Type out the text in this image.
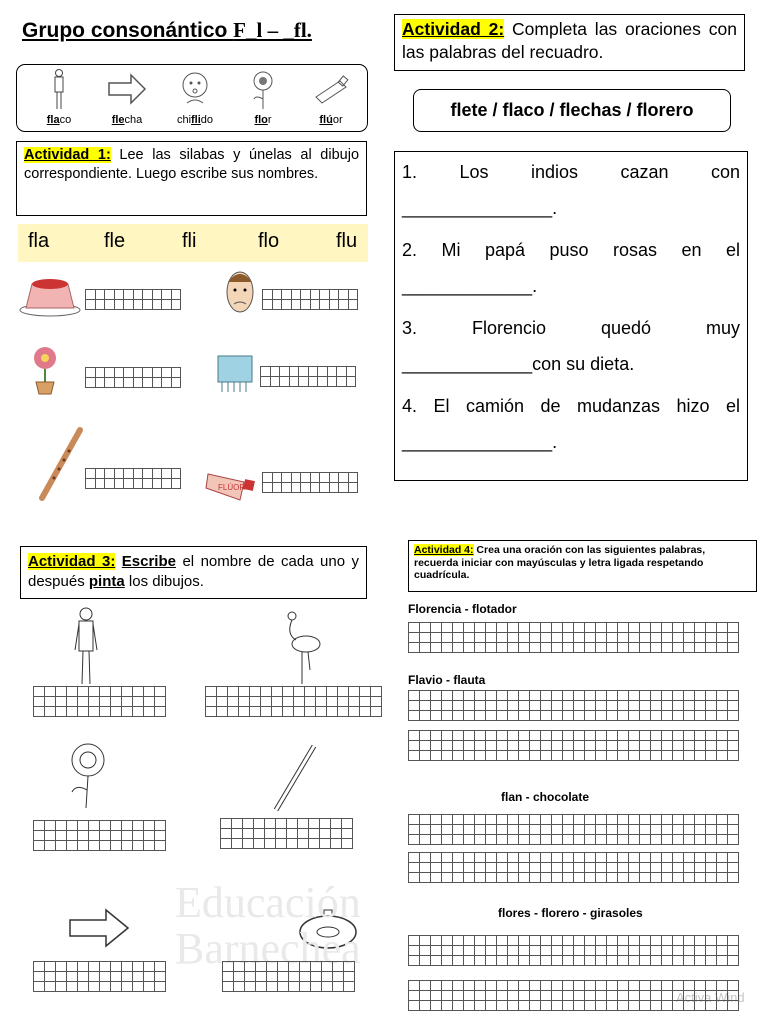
Grupo consonántico F_l – _fl.
flaco	flecha	chiflido	flor	flúor
Actividad 1: Lee las silabas y únelas al dibujo correspondiente. Luego escribe sus nombres.
fla	fle	fli	flo	flu
FLÚOR
Actividad 2: Completa las oraciones con las palabras del recuadro.
flete / flaco / flechas / florero
1. Los indios cazan con
_______________.
2. Mi papá puso rosas en el
_____________.
3. Florencio quedó muy
_____________con su dieta.
4. El camión de mudanzas hizo el
_______________.
Actividad 3: Escribe el nombre de cada uno y después pinta los dibujos.
Actividad 4: Crea una oración con las siguientes palabras, recuerda iniciar con mayúsculas y letra ligada respetando cuadrícula.
Florencia - flotador
Flavio - flauta
flan - chocolate
flores - florero - girasoles
Educación
Barnechea
Activa Wind
